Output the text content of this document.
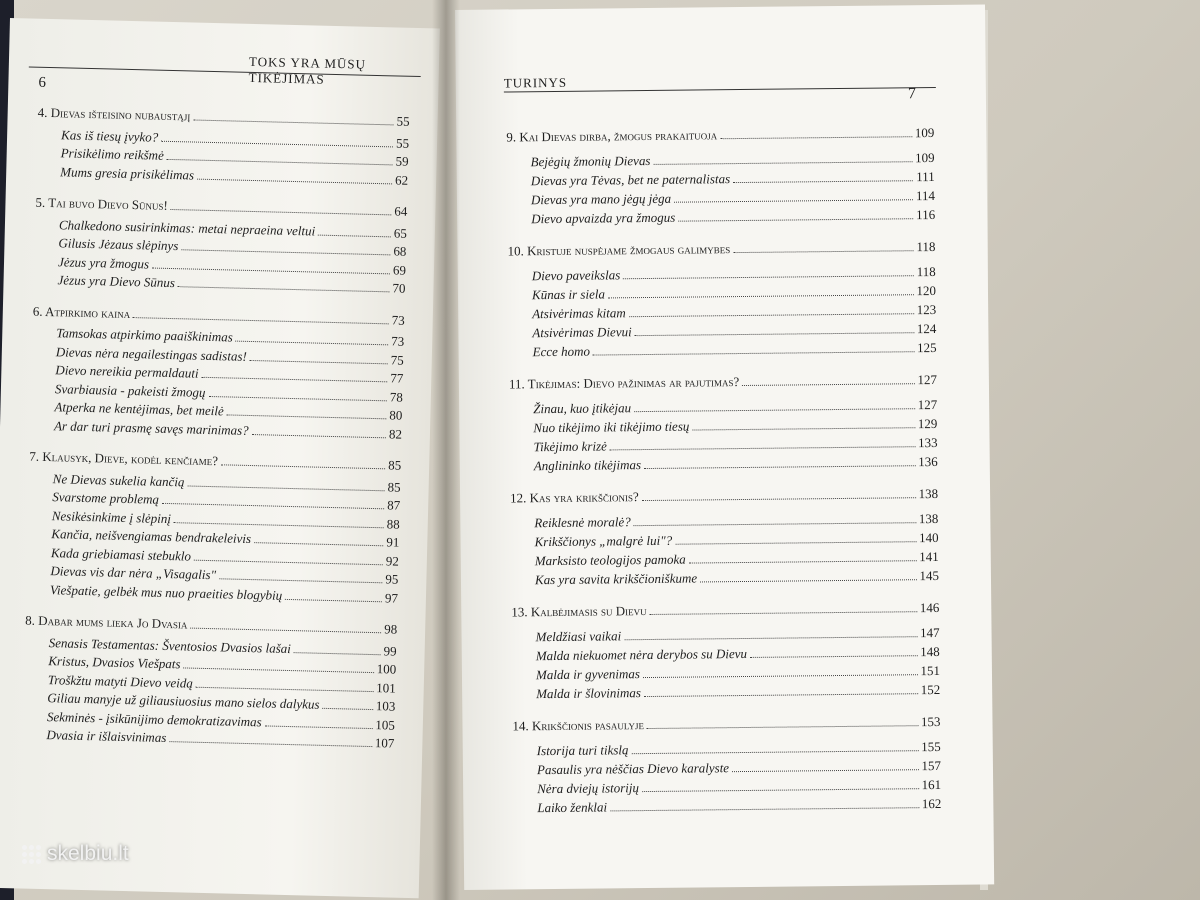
TOKS YRA MŪSŲ TIKĖJIMAS
6
4. Dievas išteisino nubaustąjį	55
Kas iš tiesų įvyko?	55
Prisikėlimo reikšmė	59
Mums gresia prisikėlimas	62
5. Tai buvo Dievo Sūnus!	64
Chalkedono susirinkimas: metai nepraeina veltui	65
Gilusis Jėzaus slėpinys	68
Jėzus yra žmogus	69
Jėzus yra Dievo Sūnus	70
6. Atpirkimo kaina	73
Tamsokas atpirkimo paaiškinimas	73
Dievas nėra negailestingas sadistas!	75
Dievo nereikia permaldauti	77
Svarbiausia - pakeisti žmogų	78
Atperka ne kentėjimas, bet meilė	80
Ar dar turi prasmę savęs marinimas?	82
7. Klausyk, Dieve, kodėl kenčiame?	85
Ne Dievas sukelia kančią	85
Svarstome problemą	87
Nesikėsinkime į slėpinį	88
Kančia, neišvengiamas bendrakeleivis	91
Kada griebiamasi stebuklo	92
Dievas vis dar nėra „Visagalis"	95
Viešpatie, gelbėk mus nuo praeities blogybių	97
8. Dabar mums lieka Jo Dvasia	98
Senasis Testamentas: Šventosios Dvasios lašai	99
Kristus, Dvasios Viešpats	100
Troškžtu matyti Dievo veidą	101
Giliau manyje už giliausiuosius mano sielos dalykus	103
Sekminės - įsikūnijimo demokratizavimas	105
Dvasia ir išlaisvinimas	107
TURINYS
7
9. Kai Dievas dirba, žmogus prakaituoja	109
Bejėgių žmonių Dievas	109
Dievas yra Tėvas, bet ne paternalistas	111
Dievas yra mano jėgų jėga	114
Dievo apvaizda yra žmogus	116
10. Kristuje nuspėjame žmogaus galimybes	118
Dievo paveikslas	118
Kūnas ir siela	120
Atsivėrimas kitam	123
Atsivėrimas Dievui	124
Ecce homo	125
11. Tikėjimas: Dievo pažinimas ar pajutimas?	127
Žinau, kuo įtikėjau	127
Nuo tikėjimo iki tikėjimo tiesų	129
Tikėjimo krizė	133
Anglininko tikėjimas	136
12. Kas yra krikščionis?	138
Reiklesnė moralė?	138
Krikščionys „malgrė lui"?	140
Marksisto teologijos pamoka	141
Kas yra savita krikščioniškume	145
13. Kalbėjimasis su Dievu	146
Meldžiasi vaikai	147
Malda niekuomet nėra derybos su Dievu	148
Malda ir gyvenimas	151
Malda ir šlovinimas	152
14. Krikščionis pasaulyje	153
Istorija turi tikslą	155
Pasaulis yra nėščias Dievo karalyste	157
Nėra dviejų istorijų	161
Laiko ženklai	162
skelbiu.lt
